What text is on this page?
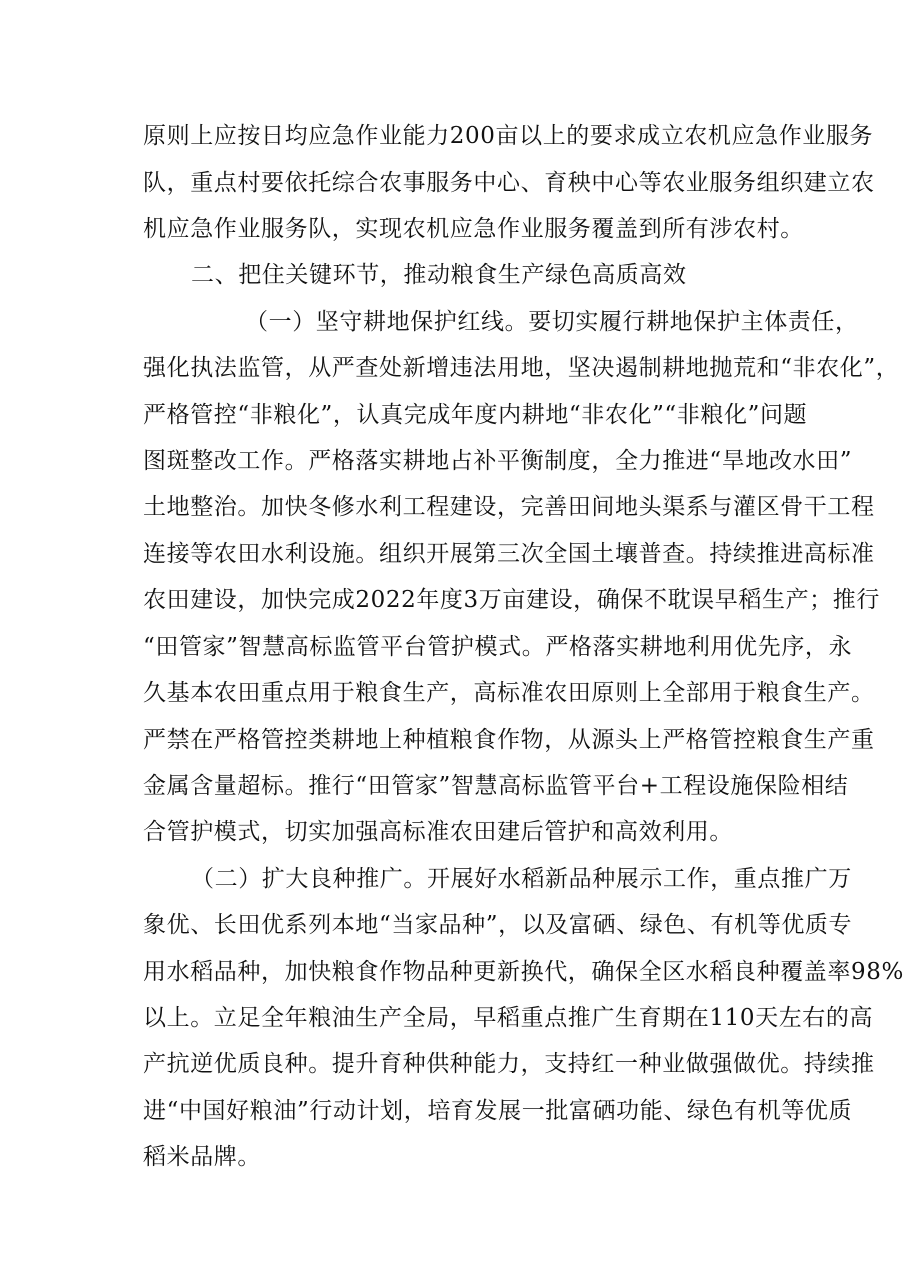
原则上应按日均应急作业能力200亩以上的要求成立农机应急作业服务
队，重点村要依托综合农事服务中心、育秧中心等农业服务组织建立农
机应急作业服务队，实现农机应急作业服务覆盖到所有涉农村。
二、把住关键环节，推动粮食生产绿色高质高效
（一）坚守耕地保护红线。要切实履行耕地保护主体责任，
强化执法监管，从严查处新增违法用地，坚决遏制耕地抛荒和“非农化”，
严格管控“非粮化”，认真完成年度内耕地“非农化”“非粮化”问题
图斑整改工作。严格落实耕地占补平衡制度，全力推进“旱地改水田”
土地整治。加快冬修水利工程建设，完善田间地头渠系与灌区骨干工程
连接等农田水利设施。组织开展第三次全国土壤普查。持续推进高标准
农田建设，加快完成2022年度3万亩建设，确保不耽误早稻生产；推行
“田管家”智慧高标监管平台管护模式。严格落实耕地利用优先序，永
久基本农田重点用于粮食生产，高标准农田原则上全部用于粮食生产。
严禁在严格管控类耕地上种植粮食作物，从源头上严格管控粮食生产重
金属含量超标。推行“田管家”智慧高标监管平台+工程设施保险相结
合管护模式，切实加强高标准农田建后管护和高效利用。
（二）扩大良种推广。开展好水稻新品种展示工作，重点推广万
象优、长田优系列本地“当家品种”，以及富硒、绿色、有机等优质专
用水稻品种，加快粮食作物品种更新换代，确保全区水稻良种覆盖率98%
以上。立足全年粮油生产全局，早稻重点推广生育期在110天左右的高
产抗逆优质良种。提升育种供种能力，支持红一种业做强做优。持续推
进“中国好粮油”行动计划，培育发展一批富硒功能、绿色有机等优质
稻米品牌。
